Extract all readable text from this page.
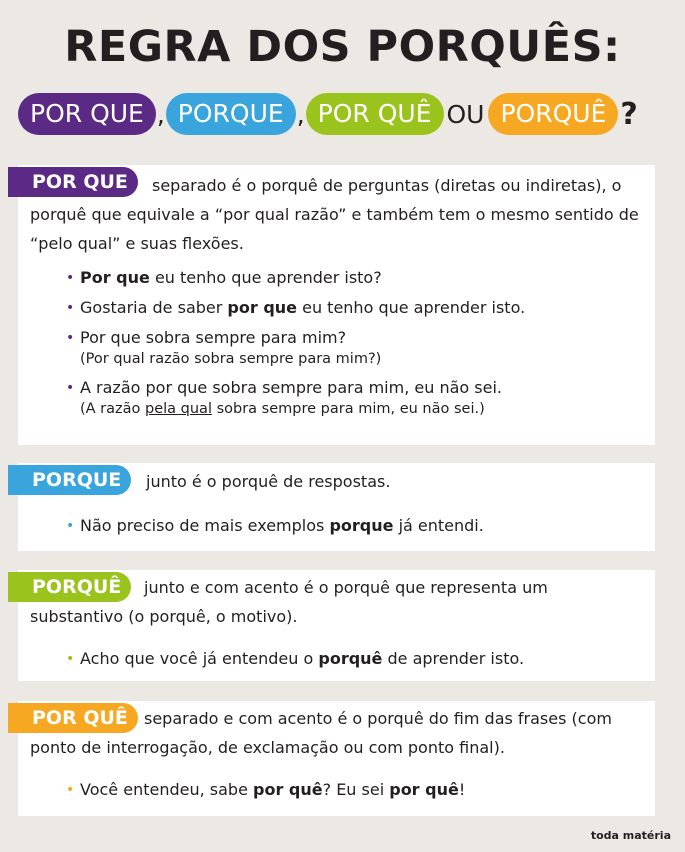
REGRA DOS PORQUÊS:
POR QUE , PORQUE , POR QUÊ OU PORQUÊ ?
POR QUE	separado é o porquê de perguntas (diretas ou indiretas), o porquê que equivale a “por qual razão” e também tem o mesmo sentido de “pelo qual” e suas flexões.
• Por que eu tenho que aprender isto?
• Gostaria de saber por que eu tenho que aprender isto.
• Por que sobra sempre para mim?
(Por qual razão sobra sempre para mim?)
• A razão por que sobra sempre para mim, eu não sei.
(A razão pela qual sobra sempre para mim, eu não sei.)
PORQUE	junto é o porquê de respostas.
• Não preciso de mais exemplos porque já entendi.
PORQUÊ	junto e com acento é o porquê que representa um substantivo (o porquê, o motivo).
• Acho que você já entendeu o porquê de aprender isto.
POR QUÊ	separado e com acento é o porquê do fim das frases (com ponto de interrogação, de exclamação ou com ponto final).
• Você entendeu, sabe por quê? Eu sei por quê!
toda matéria
